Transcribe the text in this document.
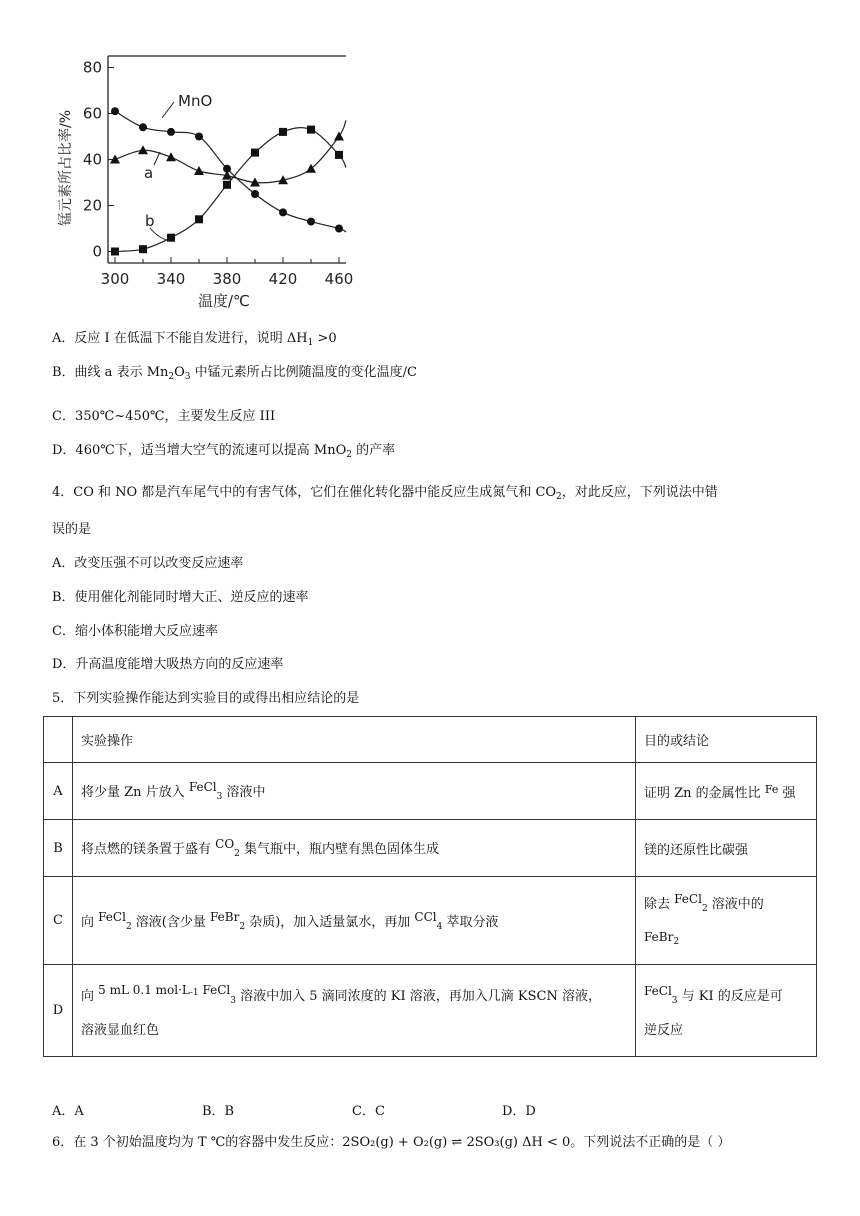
0
20
40
60
80
300 340 380 420 460
锰元素所占比率/%
温度/℃
MnO
a
b
A．反应 I 在低温下不能自发进行，说明 $\Delta H_1 >0$
B．曲线 a 表示 $Mn_2O_3$ 中锰元素所占比例随温度的变化温度/C
C．350℃~450℃，主要发生反应 III
D．460℃下，适当增大空气的流速可以提高 MnO$_2$ 的产率
4．CO 和 NO 都是汽车尾气中的有害气体，它们在催化转化器中能反应生成氮气和 $CO_2$，对此反应，下列说法中错
误的是
A．改变压强不可以改变反应速率
B．使用催化剂能同时增大正、逆反应的速率
C．缩小体积能增大反应速率
D．升高温度能增大吸热方向的反应速率
5．下列实验操作能达到实验目的或得出相应结论的是
	实验操作	目的或结论
A	将少量 Zn 片放入 FeCl$_3$ 溶液中	证明 Zn 的金属性比 $^{Fe}$ 强
B	将点燃的镁条置于盛有 $CO_2$ 集气瓶中，瓶内壁有黑色固体生成	镁的还原性比碳强
C	向 FeCl$_2$ 溶液(含少量 FeBr$_2$ 杂质)，加入适量氯水，再加 CCl$_4$ 萃取分液	除去 FeCl$_2$ 溶液中的
FeBr$_2$
D	向 5 mL 0.1 $mol\cdot L^{-1}$ FeCl$_3$ 溶液中加入 5 滴同浓度的 KI 溶液，再加入几滴 KSCN 溶液，
溶液显血红色	FeCl$_3$ 与 KI 的反应是可
逆反应
A．A	B．B	C．C	D．D
6．在 3 个初始温度均为 T ℃的容器中发生反应：2SO₂(g) + O₂(g) ⇌ 2SO₃(g) ΔH < 0。下列说法不正确的是（ ）
